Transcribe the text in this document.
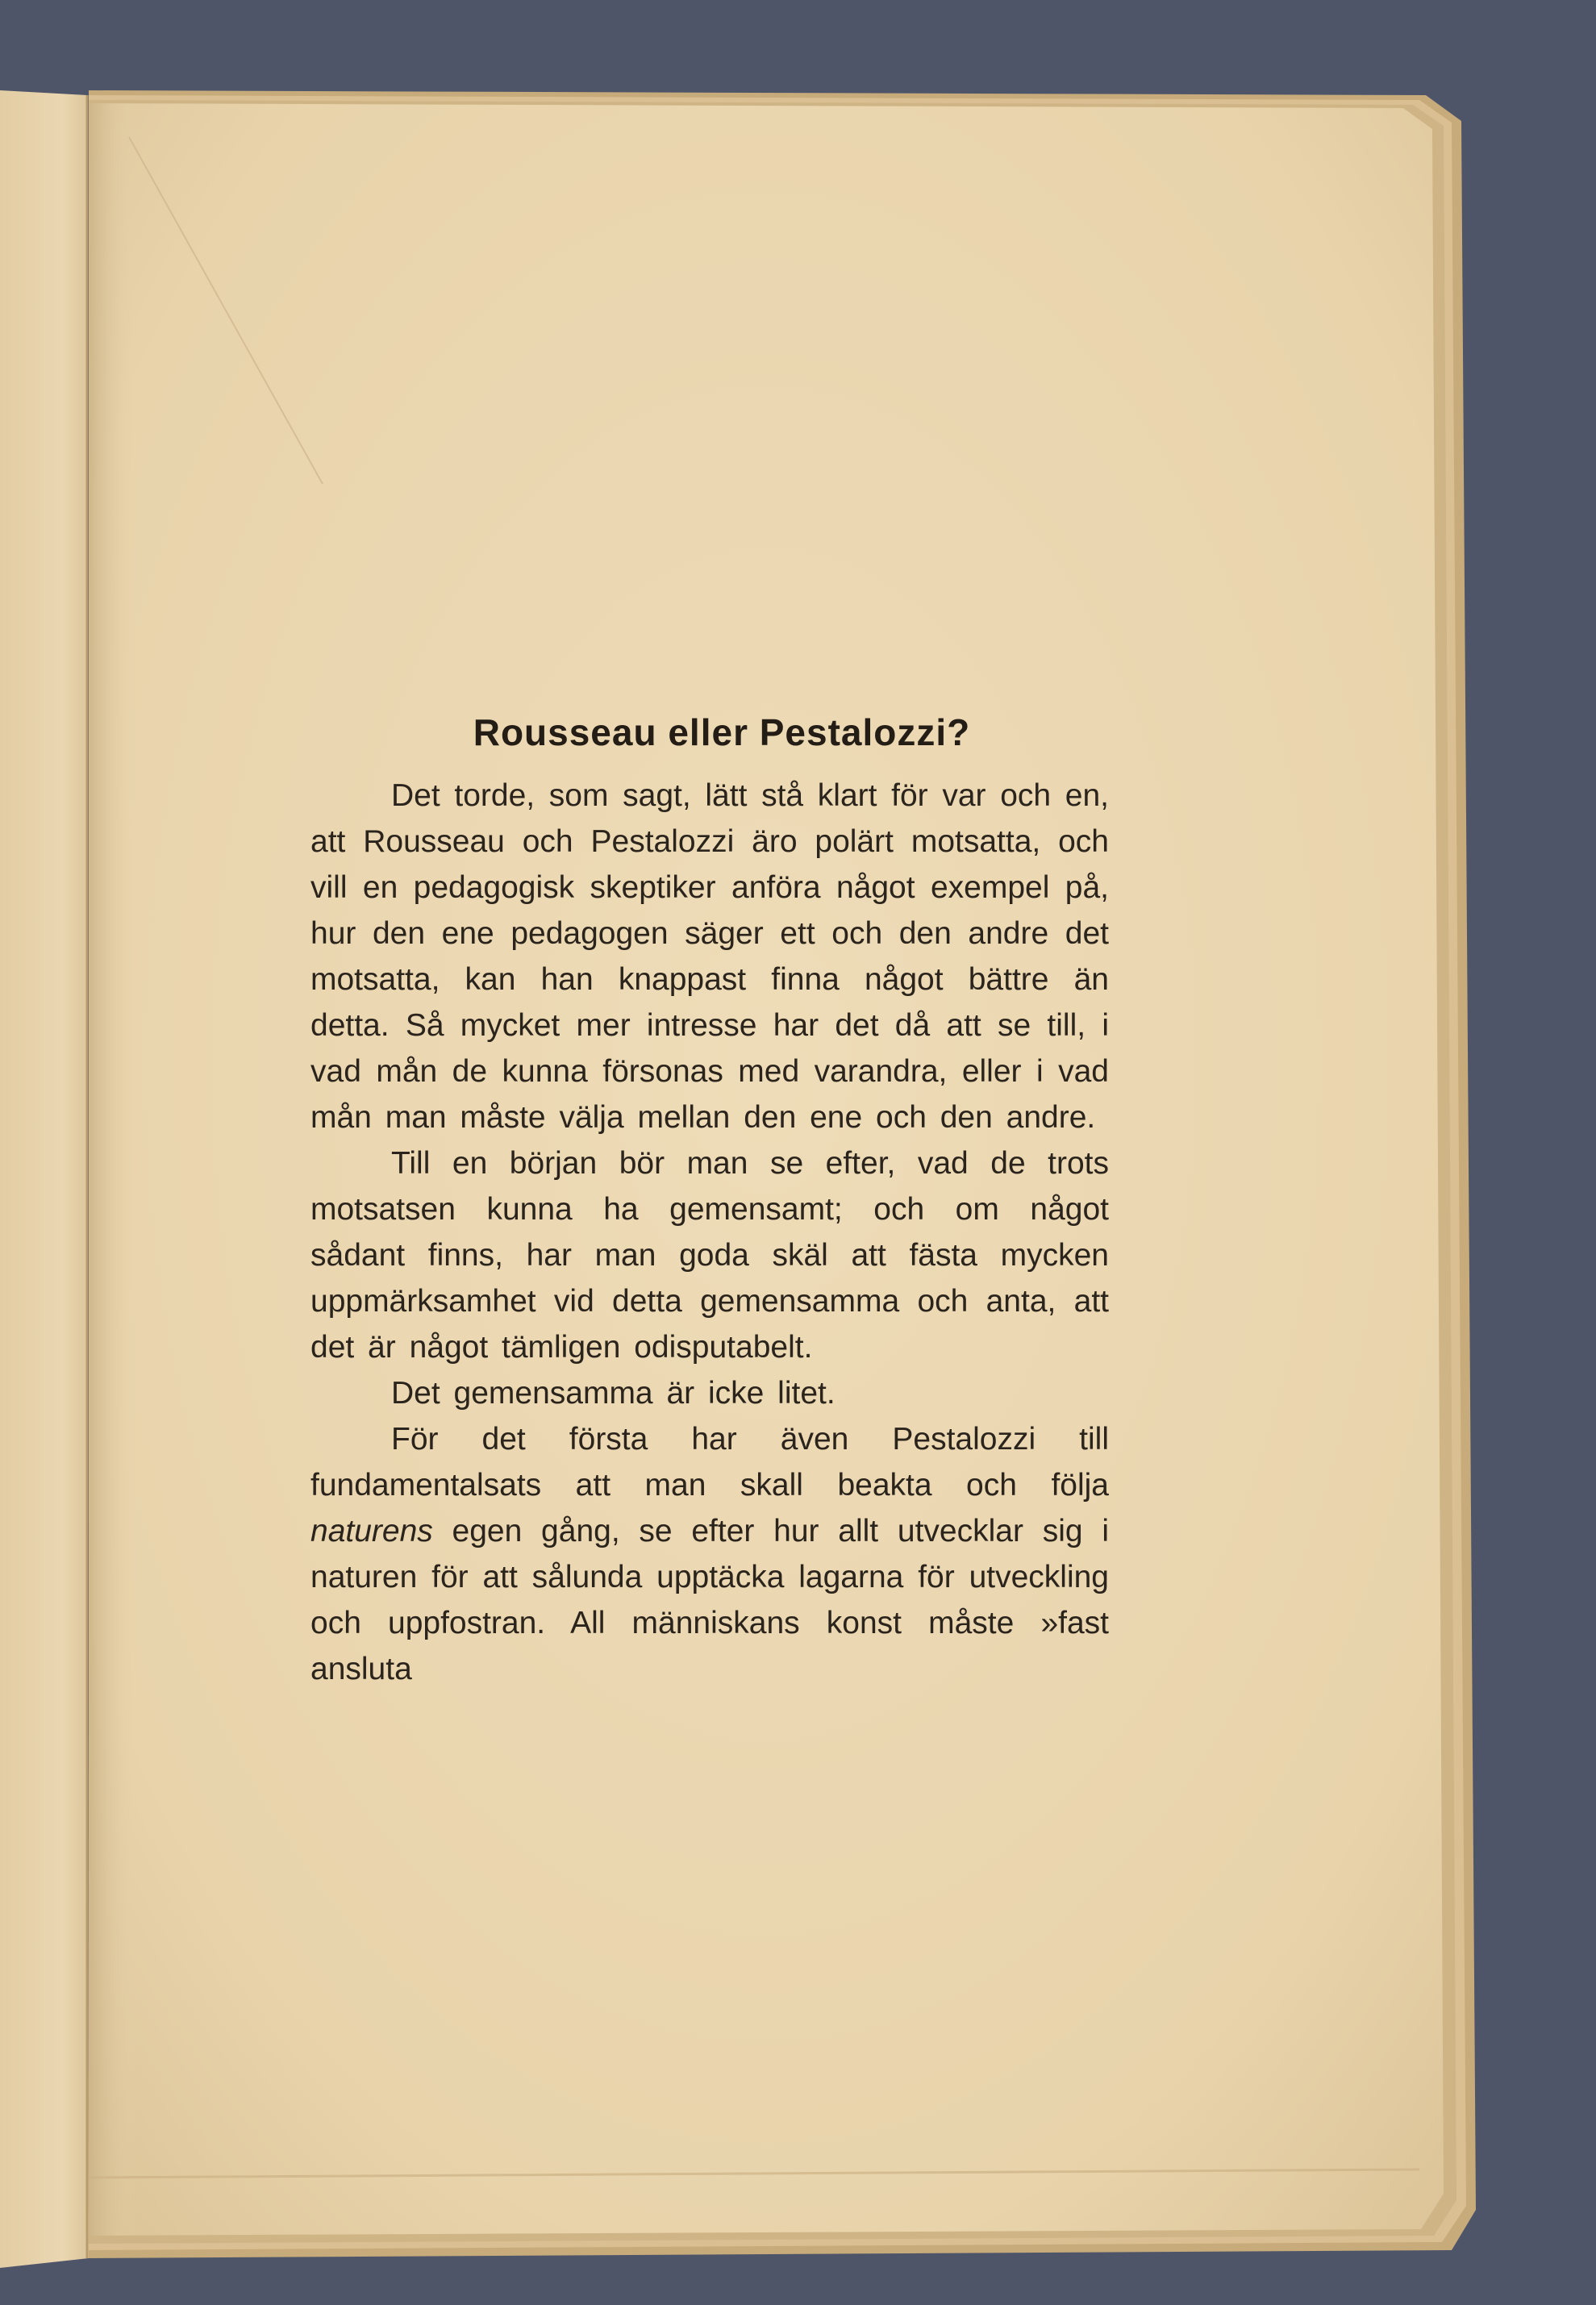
Rousseau eller Pestalozzi?

Det torde, som sagt, lätt stå klart för var och en, att Rousseau och Pestalozzi äro polärt motsatta, och vill en pedagogisk skeptiker anföra något exempel på, hur den ene pedagogen säger ett och den andre det motsatta, kan han knappast finna något bättre än detta. Så mycket mer intresse har det då att se till, i vad mån de kunna försonas med varandra, eller i vad mån man måste välja mellan den ene och den andre.

Till en början bör man se efter, vad de trots motsatsen kunna ha gemensamt; och om något sådant finns, har man goda skäl att fästa mycken uppmärksamhet vid detta gemensamma och anta, att det är något tämligen odisputabelt.

Det gemensamma är icke litet.

För det första har även Pestalozzi till fundamentalsats att man skall beakta och följa naturens egen gång, se efter hur allt utvecklar sig i naturen för att sålunda upptäcka lagarna för utveckling och uppfostran. All människans konst måste »fast ansluta
